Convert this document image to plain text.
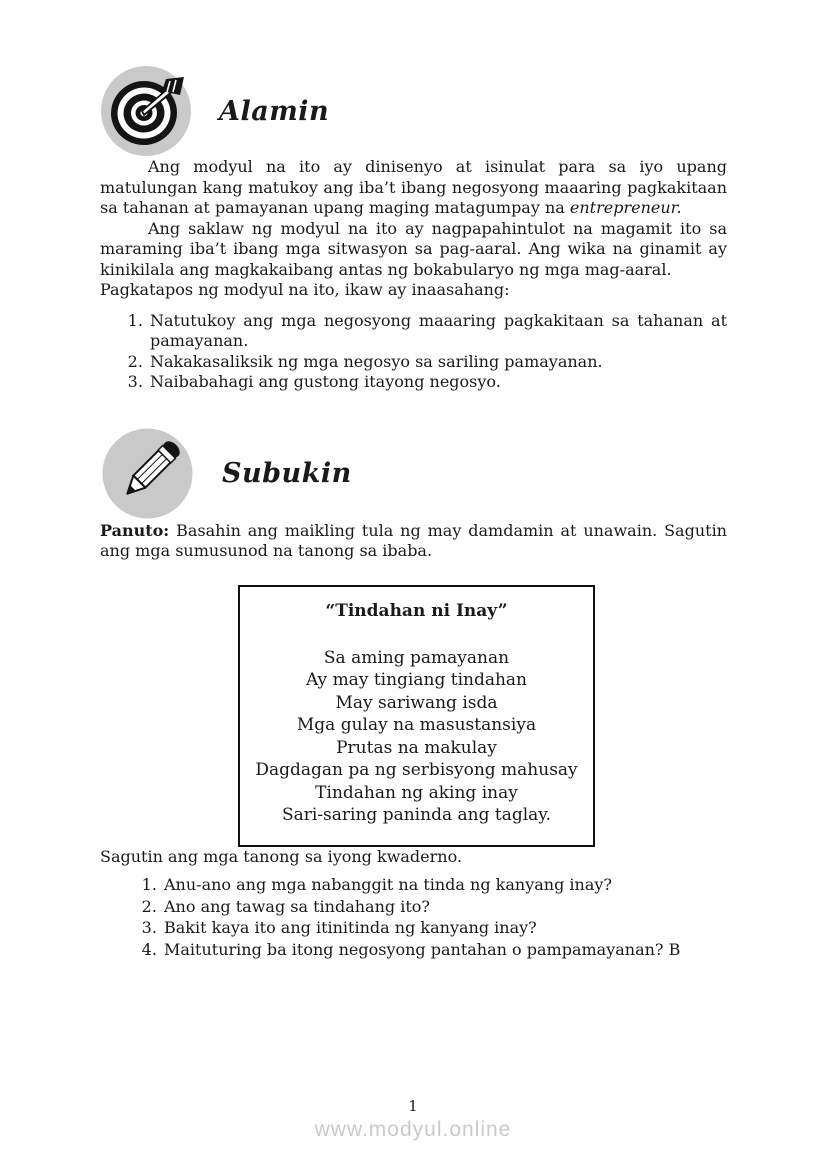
Alamin

Ang modyul na ito ay dinisenyo at isinulat para sa iyo upang matulungan kang matukoy ang iba’t ibang negosyong maaaring pagkakitaan sa tahanan at pamayanan upang maging matagumpay na entrepreneur.

Ang saklaw ng modyul na ito ay nagpapahintulot na magamit ito sa maraming iba’t ibang mga sitwasyon sa pag-aaral. Ang wika na ginamit ay kinikilala ang magkakaibang antas ng bokabularyo ng mga mag-aaral.

Pagkatapos ng modyul na ito, ikaw ay inaasahang:

1. Natutukoy ang mga negosyong maaaring pagkakitaan sa tahanan at pamayanan.
2. Nakakasaliksik ng mga negosyo sa sariling pamayanan.
3. Naibabahagi ang gustong itayong negosyo.
Subukin

Panuto: Basahin ang maikling tula ng may damdamin at unawain. Sagutin ang mga sumusunod na tanong sa ibaba.

“Tindahan ni Inay”
Sa aming pamayanan
Ay may tingiang tindahan
May sariwang isda
Mga gulay na masustansiya
Prutas na makulay
Dagdagan pa ng serbisyong mahusay
Tindahan ng aking inay
Sari-saring paninda ang taglay.

Sagutin ang mga tanong sa iyong kwaderno.

1. Anu-ano ang mga nabanggit na tinda ng kanyang inay?
2. Ano ang tawag sa tindahang ito?
3. Bakit kaya ito ang itinitinda ng kanyang inay?
4. Maituturing ba itong negosyong pantahan o pampamayanan? B
1
www.modyul.online
